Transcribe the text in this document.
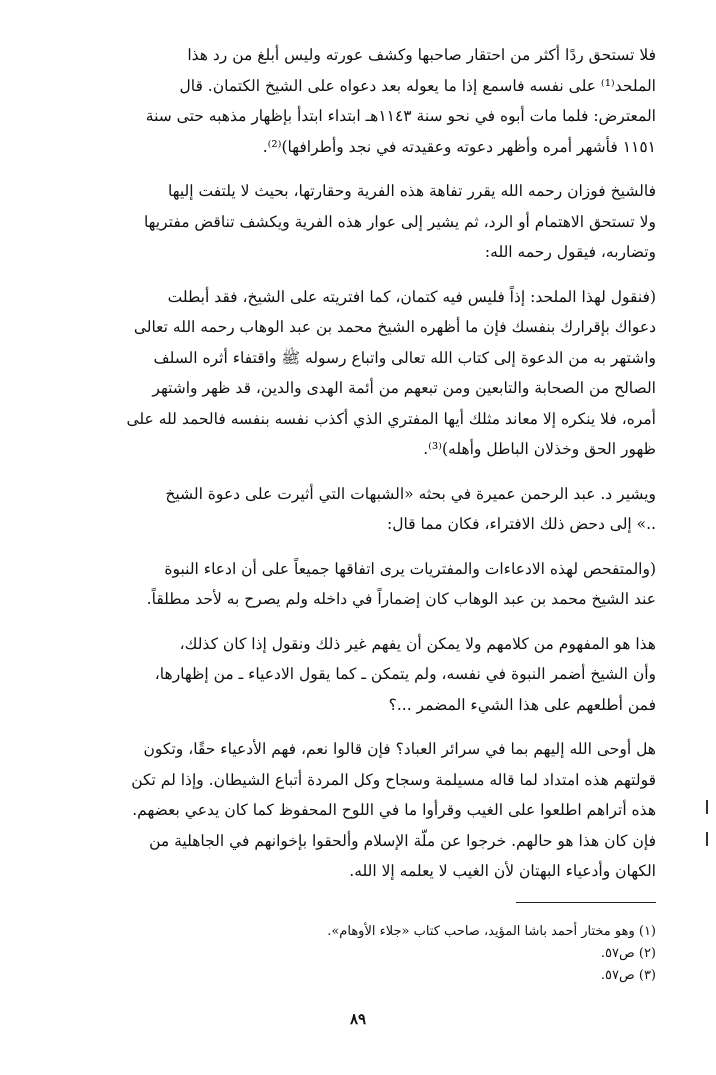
فلا تستحق ردًا أكثر من احتقار صاحبها وكشف عورته وليس أبلغ من رد هذا
الملحد⁽¹⁾ على نفسه فاسمع إذا ما يعوله بعد دعواه على الشيخ الكتمان. قال
المعترض: فلما مات أبوه في نحو سنة ١١٤٣هـ ابتداء ابتدأ بإظهار مذهبه حتى سنة
١١٥١ فأشهر أمره وأظهر دعوته وعقيدته في نجد وأطرافها)⁽²⁾.

فالشيخ فوزان رحمه الله يقرر تفاهة هذه الفرية وحقارتها، بحيث لا يلتفت إليها
ولا تستحق الاهتمام أو الرد، ثم يشير إلى عوار هذه الفرية ويكشف تناقض مفتريها
وتضاربه، فيقول رحمه الله:

(فنقول لهذا الملحد: إذاً فليس فيه كتمان، كما افتريته على الشيخ، فقد أبطلت
دعواك بإقرارك بنفسك فإن ما أظهره الشيخ محمد بن عبد الوهاب رحمه الله تعالى
واشتهر به من الدعوة إلى كتاب الله تعالى واتباع رسوله ﷺ واقتفاء أثره السلف
الصالح من الصحابة والتابعين ومن تبعهم من أئمة الهدى والدين، قد ظهر واشتهر
أمره، فلا ينكره إلا معاند مثلك أيها المفتري الذي أكذب نفسه بنفسه فالحمد لله على
ظهور الحق وخذلان الباطل وأهله)⁽³⁾.

ويشير د. عبد الرحمن عميرة في بحثه «الشبهات التي أثيرت على دعوة الشيخ
..» إلى دحض ذلك الافتراء، فكان مما قال:

(والمتفحص لهذه الادعاءات والمفتريات يرى اتفاقها جميعاً على أن ادعاء النبوة
عند الشيخ محمد بن عبد الوهاب كان إضماراً في داخله ولم يصرح به لأحد مطلقاً.

هذا هو المفهوم من كلامهم ولا يمكن أن يفهم غير ذلك ونقول إذا كان كذلك،
وأن الشيخ أضمر النبوة في نفسه، ولم يتمكن ـ كما يقول الادعياء ـ من إظهارها،
فمن أطلعهم على هذا الشيء المضمر ...؟

هل أوحى الله إليهم بما في سرائر العباد؟ فإن قالوا نعم، فهم الأدعياء حقًا، وتكون
قولتهم هذه امتداد لما قاله مسيلمة وسجاح وكل المردة أتباع الشيطان. وإذا لم تكن
هذه أتراهم اطلعوا على الغيب وقرأوا ما في اللوح المحفوظ كما كان يدعي بعضهم.
فإن كان هذا هو حالهم. خرجوا عن ملّة الإسلام وألحقوا بإخوانهم في الجاهلية من
الكهان وأدعياء البهتان لأن الغيب لا يعلمه إلا الله.

(١) وهو مختار أحمد باشا المؤيد، صاحب كتاب «جلاء الأوهام».

(٢) ص٥٧.

(٣) ص٥٧.

٨٩
